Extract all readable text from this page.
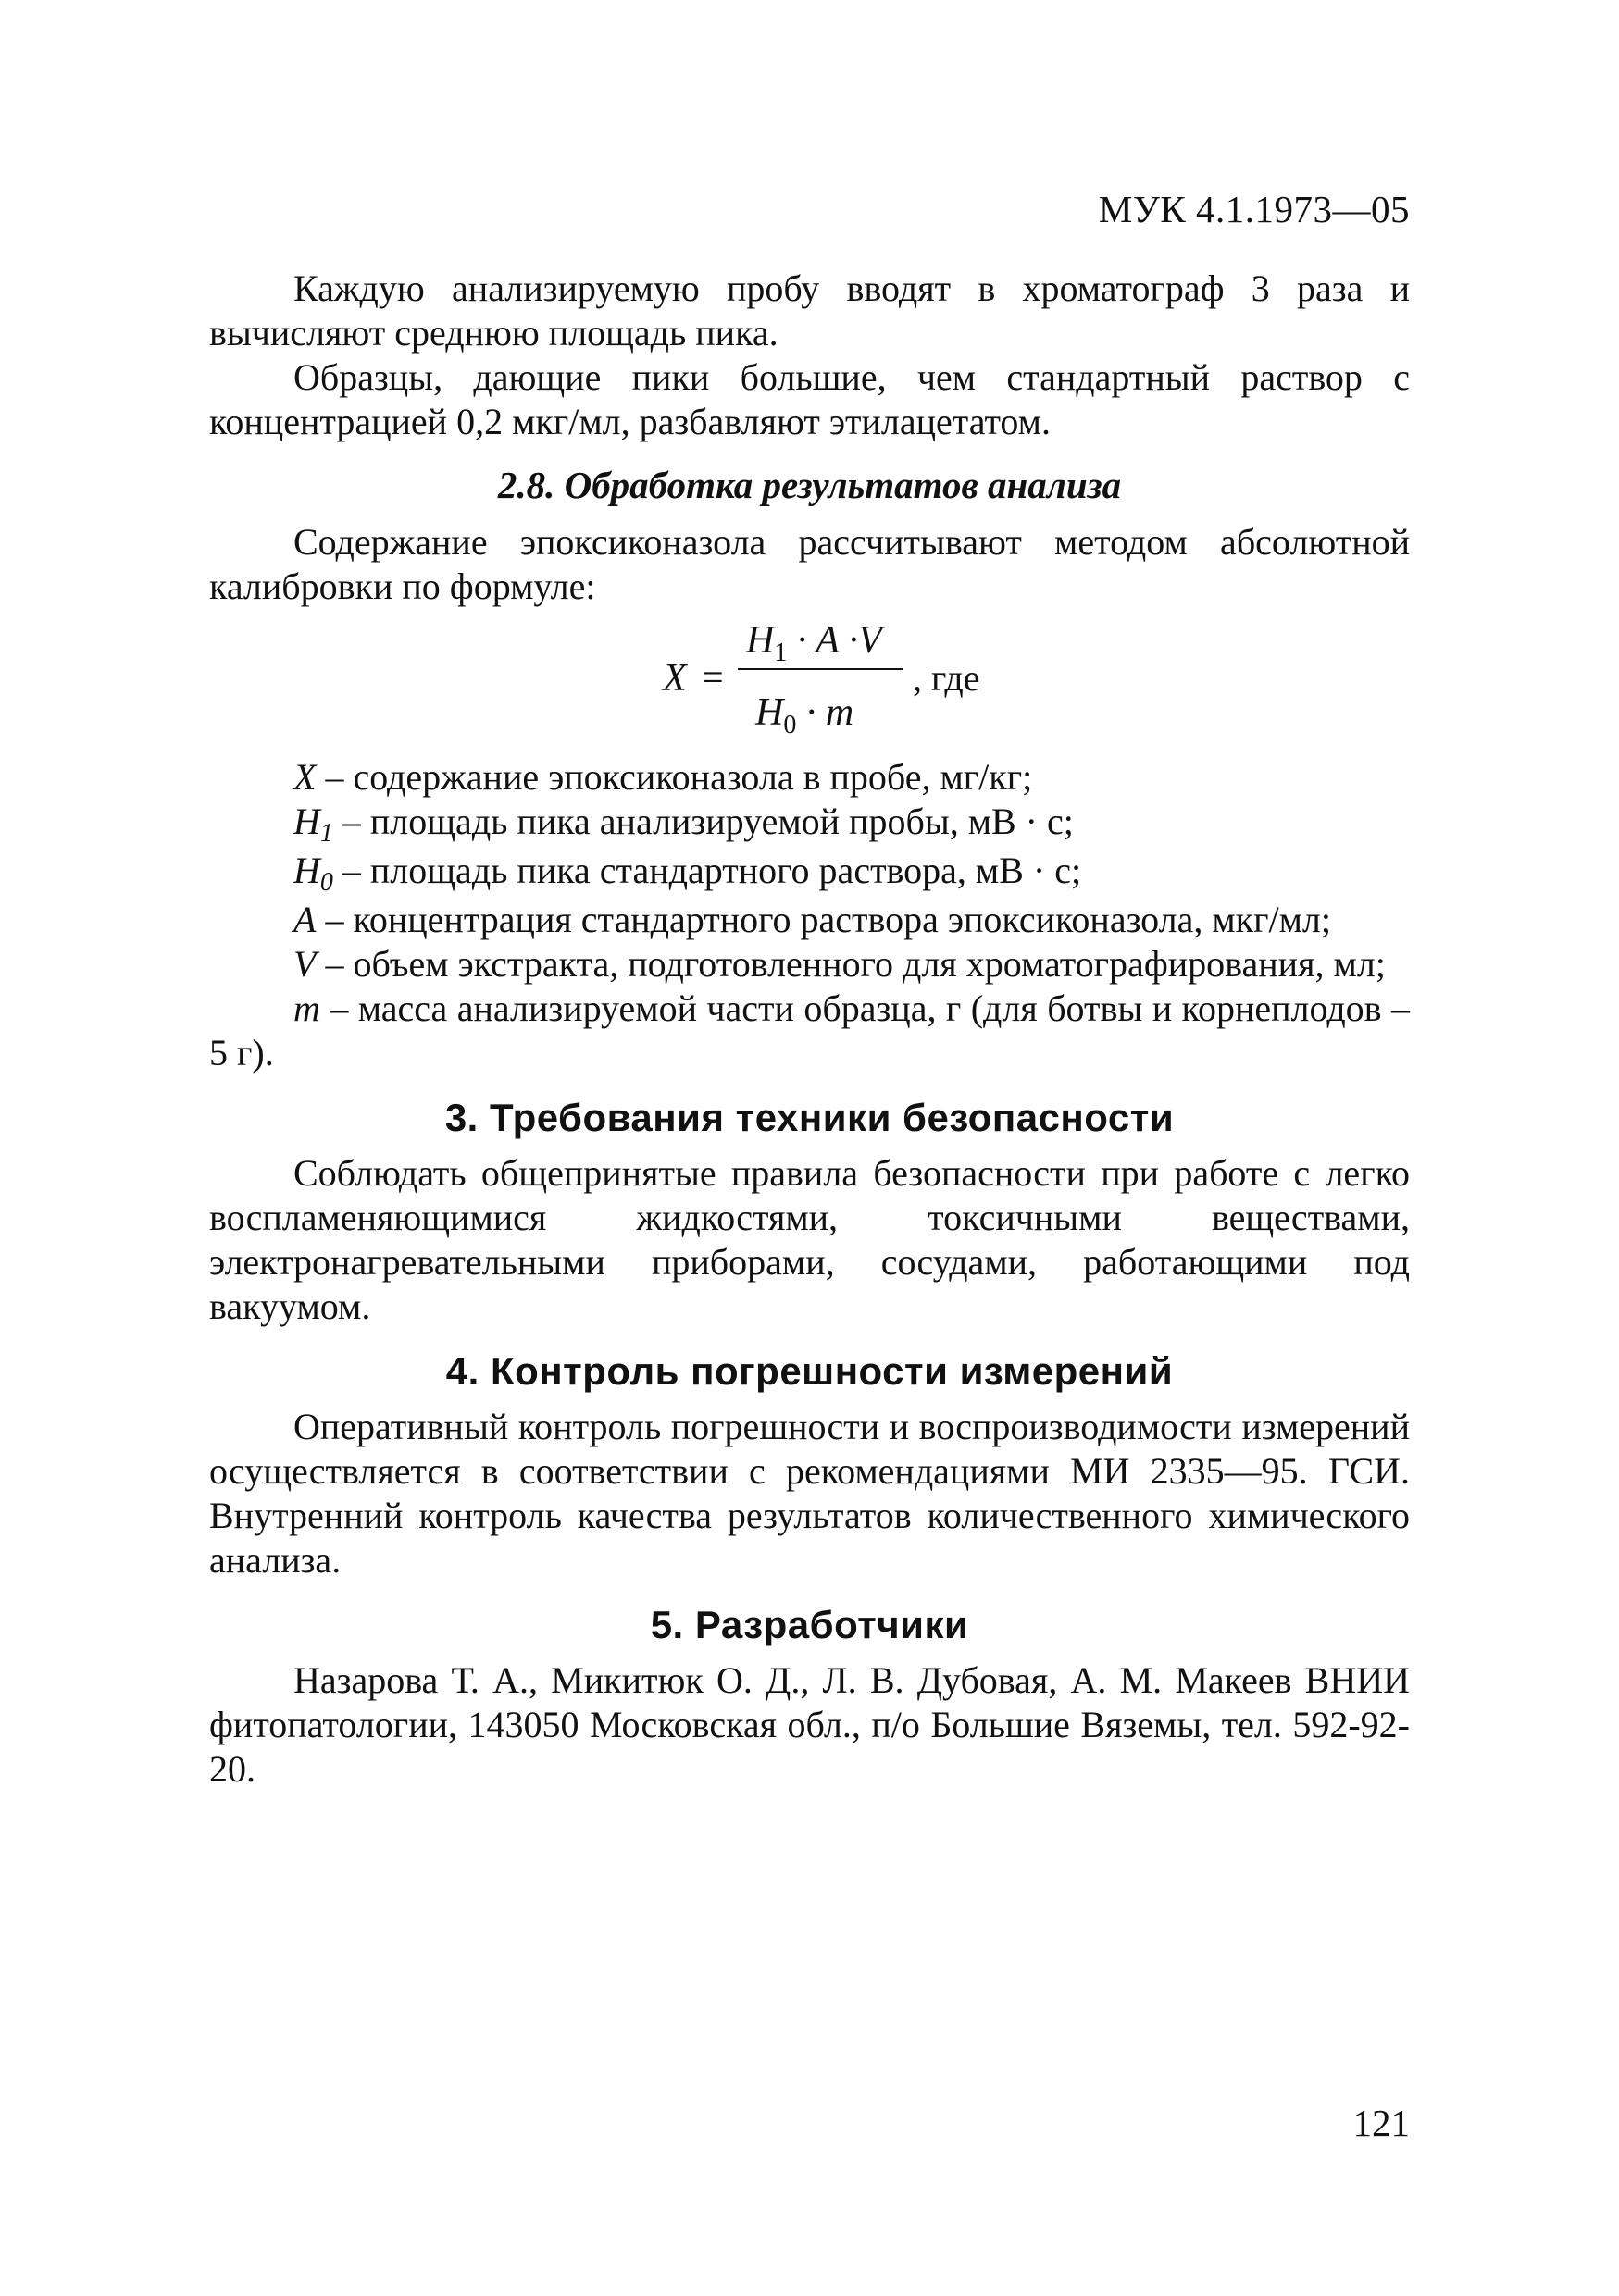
МУК 4.1.1973—05

Каждую анализируемую пробу вводят в хроматограф 3 раза и вычисляют среднюю площадь пика.

Образцы, дающие пики большие, чем стандартный раствор с концентрацией 0,2 мкг/мл, разбавляют этилацетатом.

2.8. Обработка результатов анализа

Содержание эпоксиконазола рассчитывают методом абсолютной калибровки по формуле:

X =
$H_1 \cdot A \cdot V$
$H_0 \cdot m$
, где

X – содержание эпоксиконазола в пробе, мг/кг;

$H_1$ – площадь пика анализируемой пробы, мВ · с;

$H_0$ – площадь пика стандартного раствора, мВ · с;

A – концентрация стандартного раствора эпоксиконазола, мкг/мл;

V – объем экстракта, подготовленного для хроматографирования, мл;

m – масса анализируемой части образца, г (для ботвы и корнеплодов – 5 г).

3. Требования техники безопасности

Соблюдать общепринятые правила безопасности при работе с легко воспламеняющимися жидкостями, токсичными веществами, электронагревательными приборами, сосудами, работающими под вакуумом.

4. Контроль погрешности измерений

Оперативный контроль погрешности и воспроизводимости измерений осуществляется в соответствии с рекомендациями МИ 2335—95. ГСИ. Внутренний контроль качества результатов количественного химического анализа.

5. Разработчики

Назарова Т. А., Микитюк О. Д., Л. В. Дубовая, А. М. Макеев ВНИИ фитопатологии, 143050 Московская обл., п/о Большие Вяземы, тел. 592-92-20.

121
